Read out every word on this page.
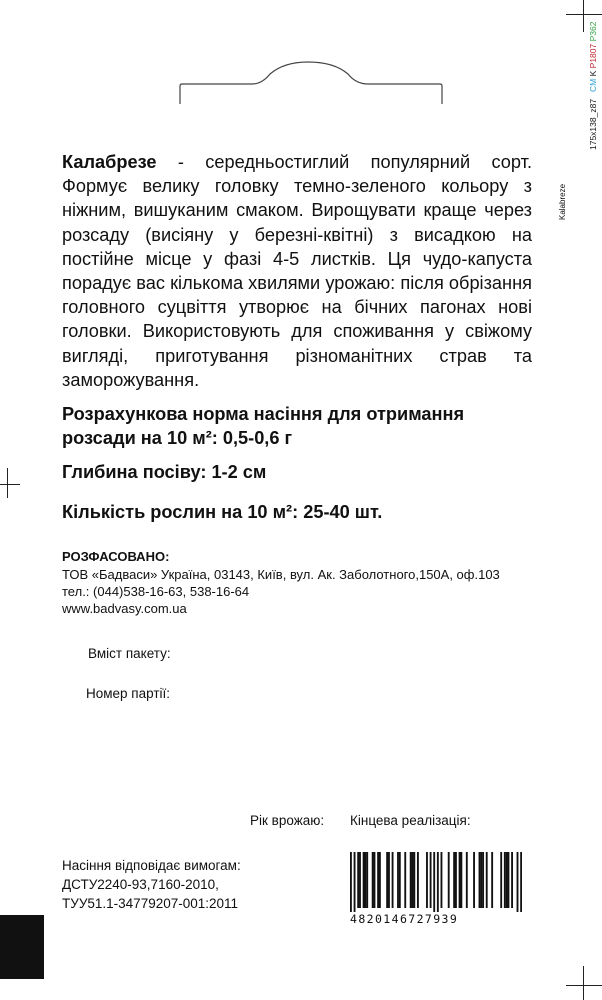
Kalabreze
175x138_z87
CM K P1807 P362
Калабрезе - середньостиглий популярний сорт. Формує велику головку темно-зеленого кольору з ніжним, вишуканим смаком. Вирощувати краще через розсаду (висіяну у березні-квітні) з висадкою на постійне місце у фазі 4-5 листків. Ця чудо-капуста порадує вас кількома хвилями урожаю: після обрізання головного суцвіття утворює на бічних пагонах нові головки. Використовують для споживання у свіжому вигляді, приготування різноманітних страв та заморожування.
Розрахункова норма насіння для отримання розсади на 10 м²: 0,5-0,6 г
Глибина посіву: 1-2 см
Кількість рослин на 10 м²: 25-40 шт.
РОЗФАСОВАНО:
ТОВ «Бадваси» Україна, 03143, Київ, вул. Ак. Заболотного,150А, оф.103
тел.: (044)538-16-63, 538-16-64
www.badvasy.com.ua
Вміст пакету:
Номер партії:
Рік врожаю: Кінцева реалізація:
Насіння відповідає вимогам:
ДСТУ2240-93,7160-2010,
ТУУ51.1-34779207-001:2011
4820146727939
